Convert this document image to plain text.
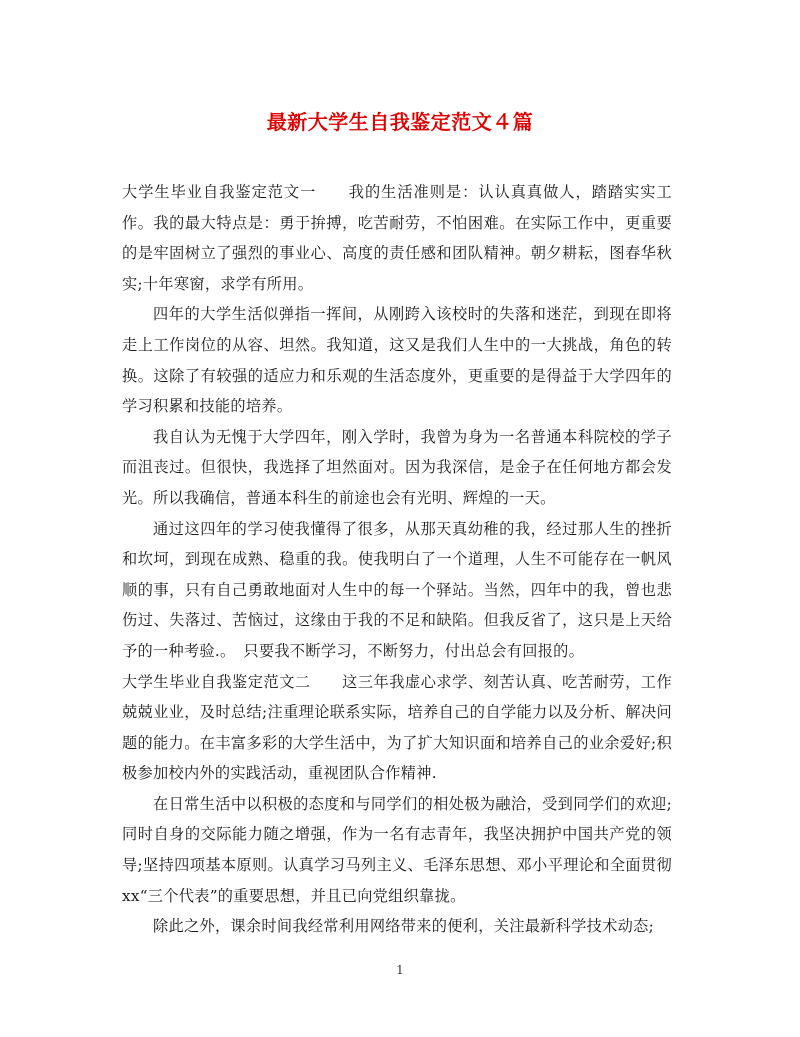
最新大学生自我鉴定范文４篇

大学生毕业自我鉴定范文一　　我的生活准则是：认认真真做人，踏踏实实工作。我的最大特点是：勇于拚搏，吃苦耐劳，不怕困难。在实际工作中，更重要的是牢固树立了强烈的事业心、高度的责任感和团队精神。朝夕耕耘，图春华秋实;十年寒窗，求学有所用。

四年的大学生活似弹指一挥间，从刚跨入该校时的失落和迷茫，到现在即将走上工作岗位的从容、坦然。我知道，这又是我们人生中的一大挑战，角色的转换。这除了有较强的适应力和乐观的生活态度外，更重要的是得益于大学四年的学习积累和技能的培养。

我自认为无愧于大学四年，刚入学时，我曾为身为一名普通本科院校的学子而沮丧过。但很快，我选择了坦然面对。因为我深信，是金子在任何地方都会发光。所以我确信，普通本科生的前途也会有光明、辉煌的一天。

通过这四年的学习使我懂得了很多，从那天真幼稚的我，经过那人生的挫折和坎坷，到现在成熟、稳重的我。使我明白了一个道理，人生不可能存在一帆风顺的事，只有自己勇敢地面对人生中的每一个驿站。当然，四年中的我，曾也悲伤过、失落过、苦恼过，这缘由于我的不足和缺陷。但我反省了，这只是上天给予的一种考验.。　只要我不断学习，不断努力，付出总会有回报的。

大学生毕业自我鉴定范文二　　这三年我虚心求学、刻苦认真、吃苦耐劳，工作兢兢业业，及时总结;注重理论联系实际，培养自己的自学能力以及分析、解决问题的能力。在丰富多彩的大学生活中，为了扩大知识面和培养自己的业余爱好;积极参加校内外的实践活动，重视团队合作精神.

在日常生活中以积极的态度和与同学们的相处极为融洽，受到同学们的欢迎;同时自身的交际能力随之增强，作为一名有志青年，我坚决拥护中国共产党的领导;坚持四项基本原则。认真学习马列主义、毛泽东思想、邓小平理论和全面贯彻xx“三个代表”的重要思想，并且已向党组织靠拢。

除此之外，课余时间我经常利用网络带来的便利，关注最新科学技术动态;

1
